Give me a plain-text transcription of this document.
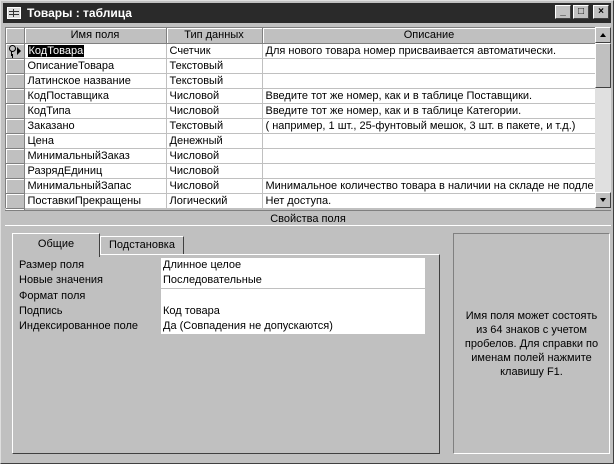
Товары : таблица	_	□	×
	Имя поля	Тип данных	Описание
	КодТовара	Счетчик	Для нового товара номер присваивается автоматически.
	ОписаниеТовара	Текстовый	
	Латинское название	Текстовый	
	КодПоставщика	Числовой	Введите тот же номер, как и в таблице Поставщики.
	КодТипа	Числовой	Введите тот же номер, как и в таблице Категории.
	Заказано	Текстовый	( например, 1 шт., 25-фунтовый мешок, 3 шт. в пакете, и т.д.)
	Цена	Денежный	
	МинимальныйЗаказ	Числовой	
	РазрядЕдиниц	Числовой	
	МинимальныйЗапас	Числовой	Минимальное количество товара в наличии на складе не подле
	ПоставкиПрекращены	Логический	Нет доступа.

Свойства поля
Общие	Подстановка
Размер поля	Длинное целое
Новые значения	Последовательные
Формат поля
Подпись	Код товара
Индексированное поле	Да (Совпадения не допускаются)
Имя поля может состоять из 64 знаков с учетом пробелов. Для справки по именам полей нажмите клавишу F1.
